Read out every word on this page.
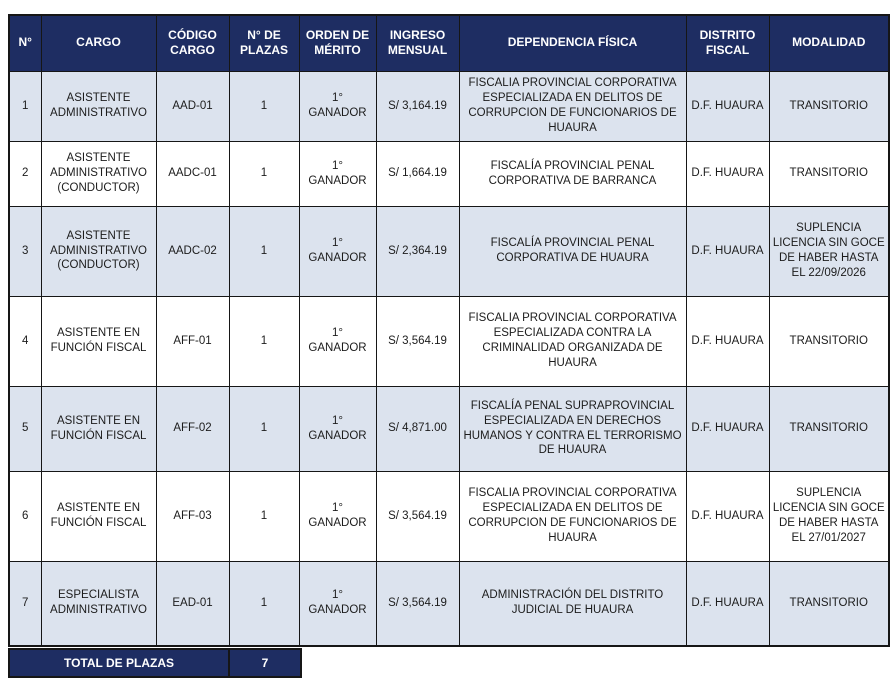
N°	CARGO	CÓDIGO CARGO	N° DE PLAZAS	ORDEN DE MÉRITO	INGRESO MENSUAL	DEPENDENCIA FÍSICA	DISTRITO FISCAL	MODALIDAD
1	ASISTENTE ADMINISTRATIVO	AAD-01	1	1° GANADOR	S/ 3,164.19	FISCALIA PROVINCIAL CORPORATIVA ESPECIALIZADA EN DELITOS DE CORRUPCION DE FUNCIONARIOS DE HUAURA	D.F. HUAURA	TRANSITORIO
2	ASISTENTE ADMINISTRATIVO (CONDUCTOR)	AADC-01	1	1° GANADOR	S/ 1,664.19	FISCALÍA PROVINCIAL PENAL CORPORATIVA DE BARRANCA	D.F. HUAURA	TRANSITORIO
3	ASISTENTE ADMINISTRATIVO (CONDUCTOR)	AADC-02	1	1° GANADOR	S/ 2,364.19	FISCALÍA PROVINCIAL PENAL CORPORATIVA DE HUAURA	D.F. HUAURA	SUPLENCIA LICENCIA SIN GOCE DE HABER HASTA EL 22/09/2026
4	ASISTENTE EN FUNCIÓN FISCAL	AFF-01	1	1° GANADOR	S/ 3,564.19	FISCALIA PROVINCIAL CORPORATIVA ESPECIALIZADA CONTRA LA CRIMINALIDAD ORGANIZADA DE HUAURA	D.F. HUAURA	TRANSITORIO
5	ASISTENTE EN FUNCIÓN FISCAL	AFF-02	1	1° GANADOR	S/ 4,871.00	FISCALÍA PENAL SUPRAPROVINCIAL ESPECIALIZADA EN DERECHOS HUMANOS Y CONTRA EL TERRORISMO DE HUAURA	D.F. HUAURA	TRANSITORIO
6	ASISTENTE EN FUNCIÓN FISCAL	AFF-03	1	1° GANADOR	S/ 3,564.19	FISCALIA PROVINCIAL CORPORATIVA ESPECIALIZADA EN DELITOS DE CORRUPCION DE FUNCIONARIOS DE HUAURA	D.F. HUAURA	SUPLENCIA LICENCIA SIN GOCE DE HABER HASTA EL 27/01/2027
7	ESPECIALISTA ADMINISTRATIVO	EAD-01	1	1° GANADOR	S/ 3,564.19	ADMINISTRACIÓN DEL DISTRITO JUDICIAL DE HUAURA	D.F. HUAURA	TRANSITORIO
TOTAL DE PLAZAS	7
